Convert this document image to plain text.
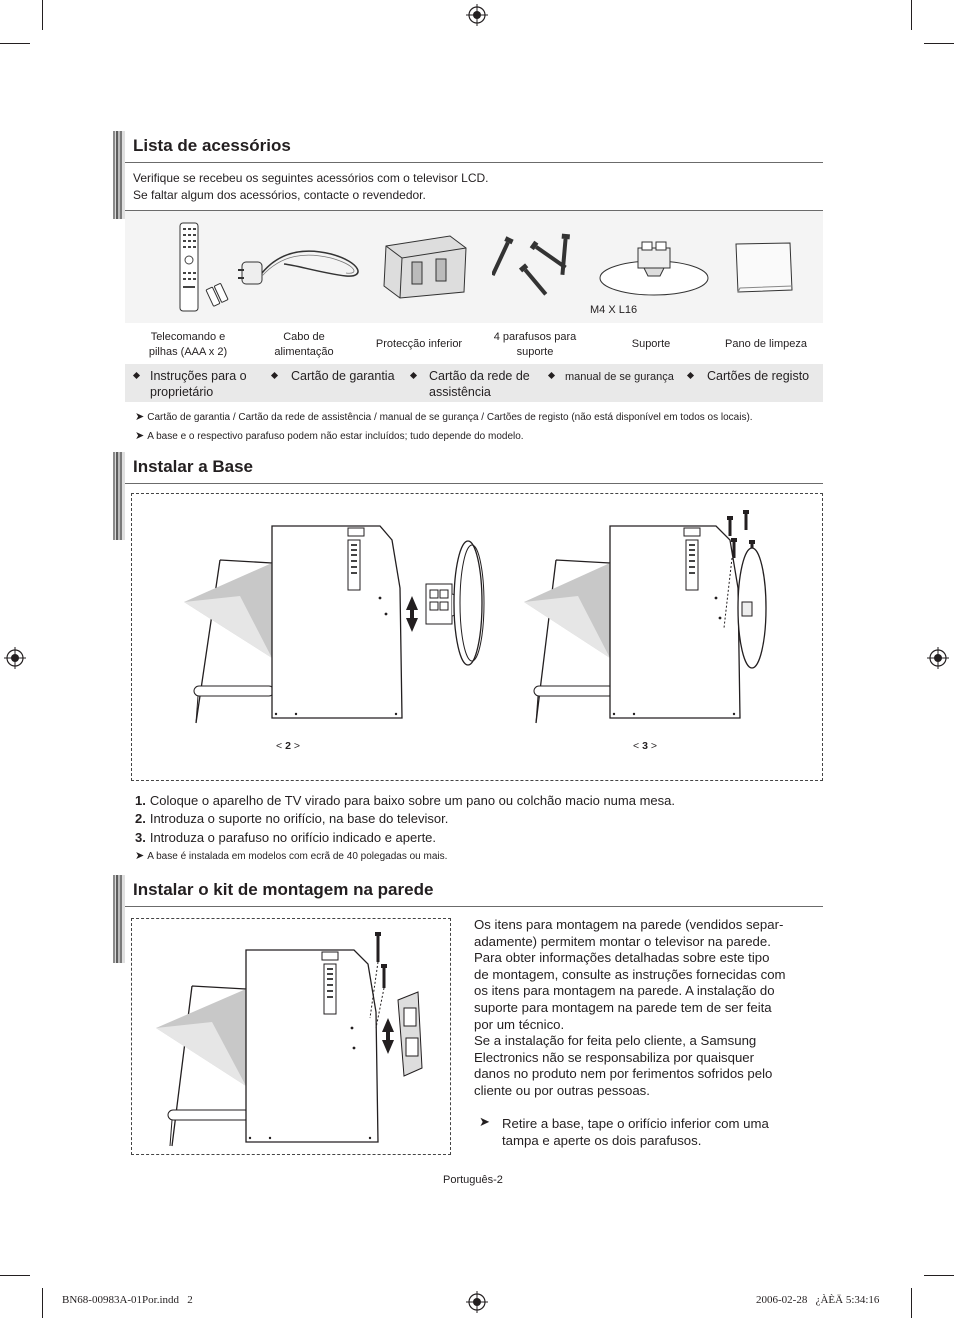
Lista de acessórios
Verifique se recebeu os seguintes acessórios com o televisor LCD.
Se faltar algum dos acessórios, contacte o revendedor.
M4 X L16
Telecomando e pilhas (AAA x 2)
Cabo de alimentação
Protecção inferior
4 parafusos para suporte
Suporte	Pano de limpeza
Instruções para o proprietário
Cartão de garantia	Cartão da rede de assistência
manual de se gurança	Cartões de registo
➤ Cartão de garantia / Cartão da rede de assistência / manual de se gurança / Cartões de registo (não está disponível em todos os locais).
➤ A base e o respectivo parafuso podem não estar incluídos; tudo depende do modelo.
Instalar a Base
< 2 >	< 3 >
1. Coloque o aparelho de TV virado para baixo sobre um pano ou colchão macio numa mesa.
2. Introduza o suporte no orifício, na base do televisor.
3. Introduza o parafuso no orifício indicado e aperte.
➤ A base é instalada em modelos com ecrã de 40 polegadas ou mais.
Instalar o kit de montagem na parede
Os itens para montagem na parede (vendidos separ-
adamente) permitem montar o televisor na parede.
Para obter informações detalhadas sobre este tipo
de montagem, consulte as instruções fornecidas com
os itens para montagem na parede. A instalação do
suporte para montagem na parede tem de ser feita
por um técnico.
Se a instalação for feita pelo cliente, a Samsung
Electronics não se responsabiliza por quaisquer
danos no produto nem por ferimentos sofridos pelo
cliente ou por outras pessoas.
➤ Retire a base, tape o orifício inferior com uma
tampa e aperte os dois parafusos.
Português-2
BN68-00983A-01Por.indd   2	2006-02-28   ¿ÀÈÄ 5:34:16
